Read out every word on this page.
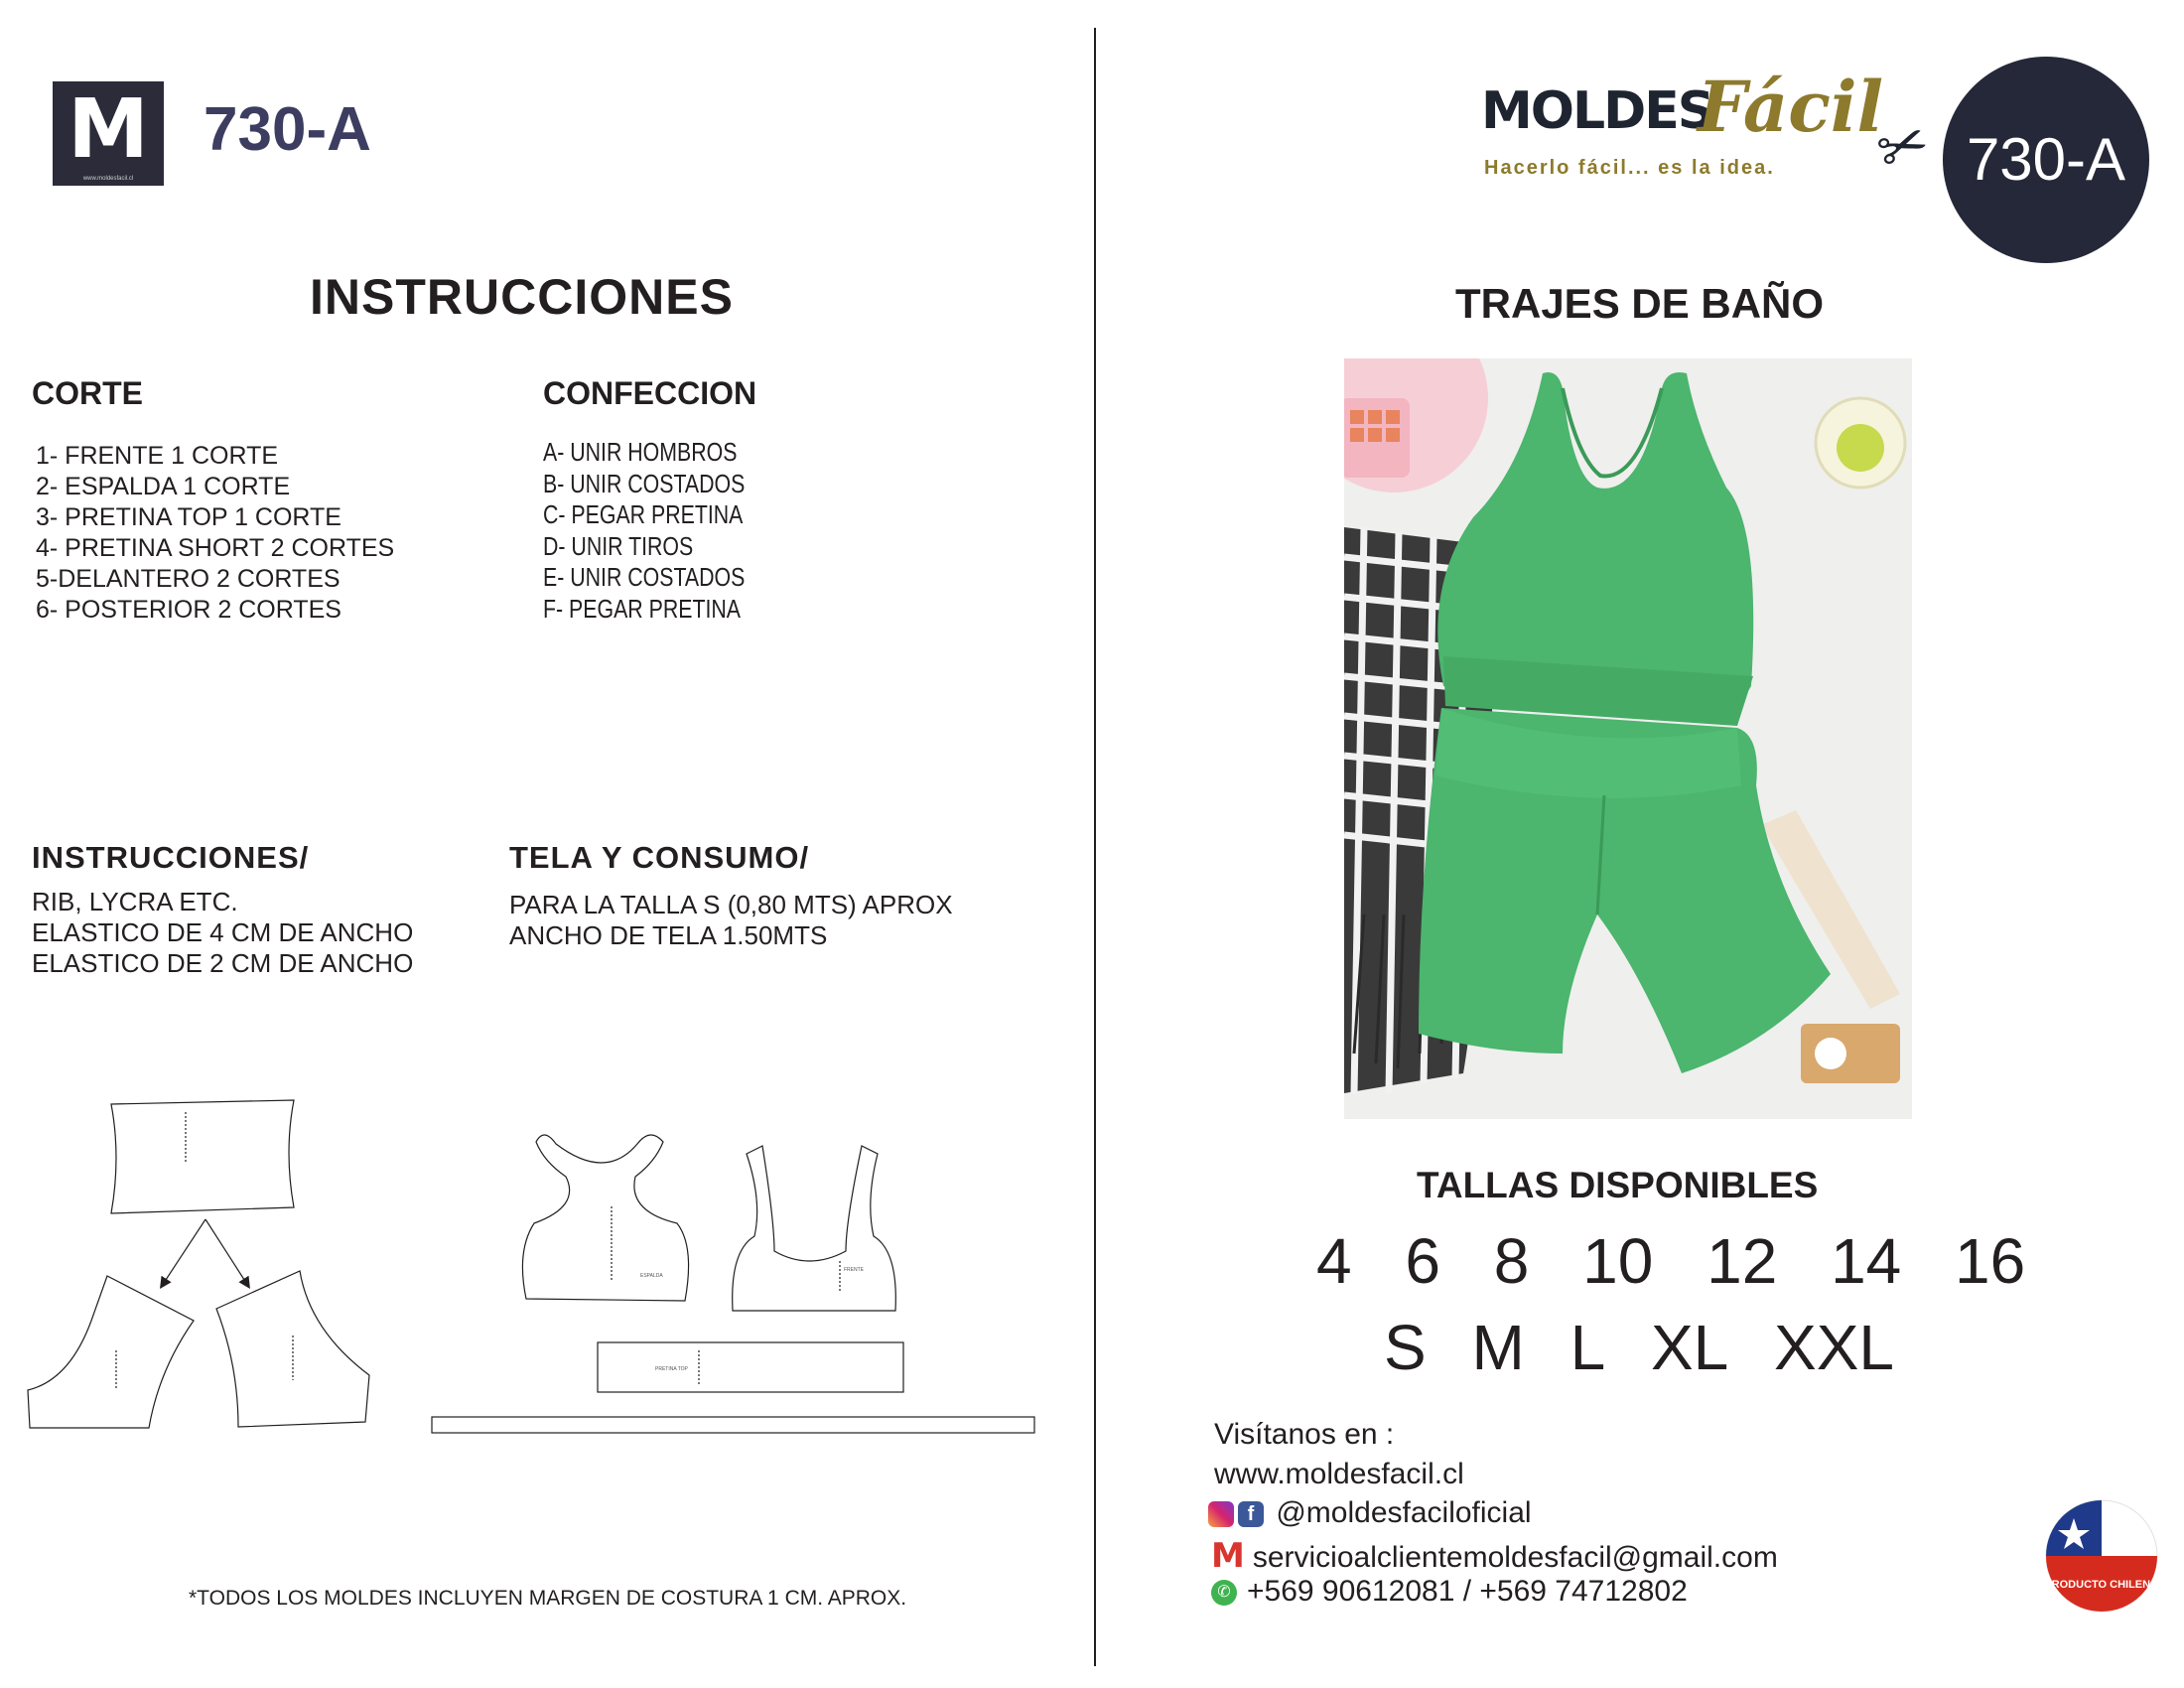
M
www.moldesfacil.cl
730-A
INSTRUCCIONES
CORTE
1- FRENTE 1 CORTE
2- ESPALDA 1 CORTE
3- PRETINA TOP 1 CORTE
4- PRETINA SHORT 2 CORTES
5-DELANTERO 2 CORTES
6- POSTERIOR 2 CORTES
CONFECCION
A- UNIR HOMBROS
B- UNIR COSTADOS
C- PEGAR PRETINA
D- UNIR TIROS
E- UNIR COSTADOS
F- PEGAR PRETINA
INSTRUCCIONES/
RIB, LYCRA ETC.
ELASTICO DE 4 CM DE ANCHO
ELASTICO DE 2 CM DE ANCHO
TELA Y CONSUMO/
PARA LA TALLA S (0,80 MTS) APROX
ANCHO DE TELA 1.50MTS
ESPALDA
FRENTE
PRETINA TOP
*TODOS LOS MOLDES INCLUYEN MARGEN DE COSTURA 1 CM. APROX.
MOLDES
Fácil
Hacerlo fácil... es la idea. ✂ 730-A
TRAJES DE BAÑO
TALLAS DISPONIBLES
4 6 8 10 12 14 16
S M L XL XXL
Visítanos en :
www.moldesfacil.cl
f @moldesfaciloficial
M servicioalclientemoldesfacil@gmail.com
✆ +569 90612081 / +569 74712802	PRODUCTO CHILENO
